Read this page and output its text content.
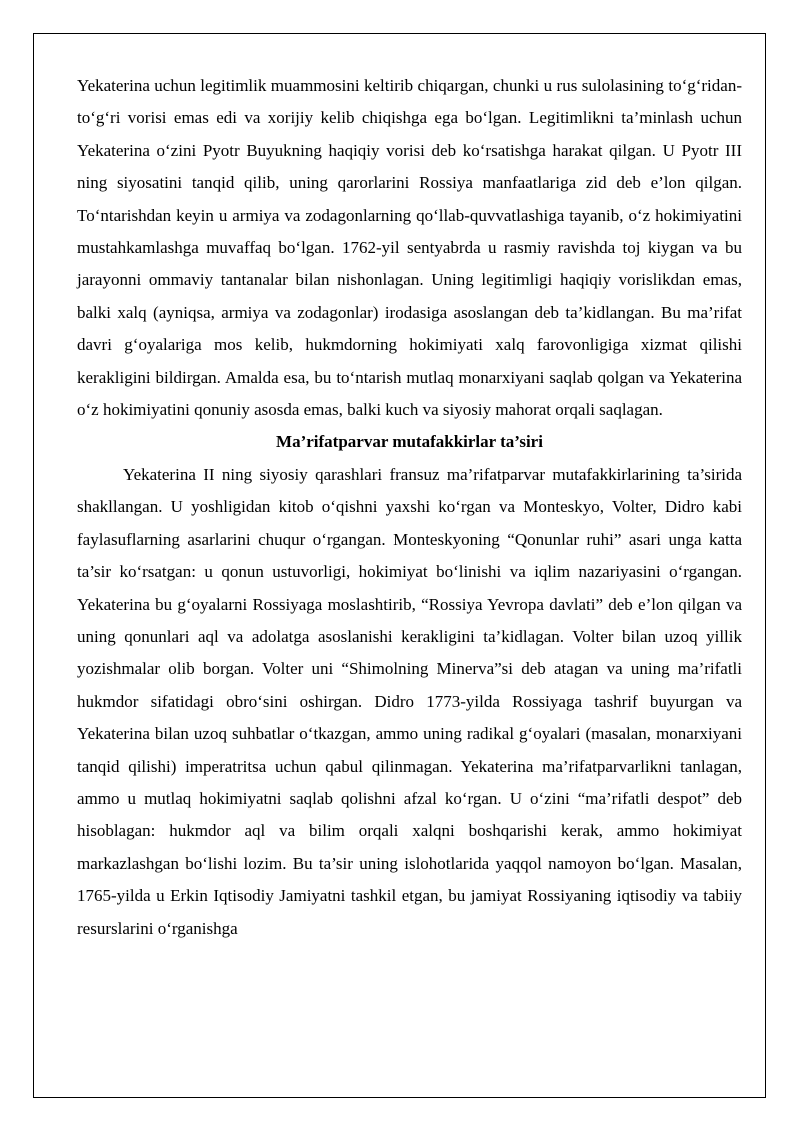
Yekaterina uchun legitimlik muammosini keltirib chiqargan, chunki u rus sulolasining to‘g‘ridan-to‘g‘ri vorisi emas edi va xorijiy kelib chiqishga ega bo‘lgan. Legitimlikni ta’minlash uchun Yekaterina o‘zini Pyotr Buyukning haqiqiy vorisi deb ko‘rsatishga harakat qilgan. U Pyotr III ning siyosatini tanqid qilib, uning qarorlarini Rossiya manfaatlariga zid deb e’lon qilgan. To‘ntarishdan keyin u armiya va zodagonlarning qo‘llab-quvvatlashiga tayanib, o‘z hokimiyatini mustahkamlashga muvaffaq bo‘lgan. 1762-yil sentyabrda u rasmiy ravishda toj kiygan va bu jarayonni ommaviy tantanalar bilan nishonlagan. Uning legitimligi haqiqiy vorislikdan emas, balki xalq (ayniqsa, armiya va zodagonlar) irodasiga asoslangan deb ta’kidlangan. Bu ma’rifat davri g‘oyalariga mos kelib, hukmdorning hokimiyati xalq farovonligiga xizmat qilishi kerakligini bildirgan. Amalda esa, bu to‘ntarish mutlaq monarxiyani saqlab qolgan va Yekaterina o‘z hokimiyatini qonuniy asosda emas, balki kuch va siyosiy mahorat orqali saqlagan.

Ma’rifatparvar mutafakkirlar ta’siri

Yekaterina II ning siyosiy qarashlari fransuz ma’rifatparvar mutafakkirlarining ta’sirida shakllangan. U yoshligidan kitob o‘qishni yaxshi ko‘rgan va Monteskyo, Volter, Didro kabi faylasuflarning asarlarini chuqur o‘rgangan. Monteskyoning “Qonunlar ruhi” asari unga katta ta’sir ko‘rsatgan: u qonun ustuvorligi, hokimiyat bo‘linishi va iqlim nazariyasini o‘rgangan. Yekaterina bu g‘oyalarni Rossiyaga moslashtirib, “Rossiya Yevropa davlati” deb e’lon qilgan va uning qonunlari aql va adolatga asoslanishi kerakligini ta’kidlagan. Volter bilan uzoq yillik yozishmalar olib borgan. Volter uni “Shimolning Minerva”si deb atagan va uning ma’rifatli hukmdor sifatidagi obro‘sini oshirgan. Didro 1773-yilda Rossiyaga tashrif buyurgan va Yekaterina bilan uzoq suhbatlar o‘tkazgan, ammo uning radikal g‘oyalari (masalan, monarxiyani tanqid qilishi) imperatritsa uchun qabul qilinmagan. Yekaterina ma’rifatparvarlikni tanlagan, ammo u mutlaq hokimiyatni saqlab qolishni afzal ko‘rgan. U o‘zini “ma’rifatli despot” deb hisoblagan: hukmdor aql va bilim orqali xalqni boshqarishi kerak, ammo hokimiyat markazlashgan bo‘lishi lozim. Bu ta’sir uning islohotlarida yaqqol namoyon bo‘lgan. Masalan, 1765-yilda u Erkin Iqtisodiy Jamiyatni tashkil etgan, bu jamiyat Rossiyaning iqtisodiy va tabiiy resurslarini o‘rganishga
